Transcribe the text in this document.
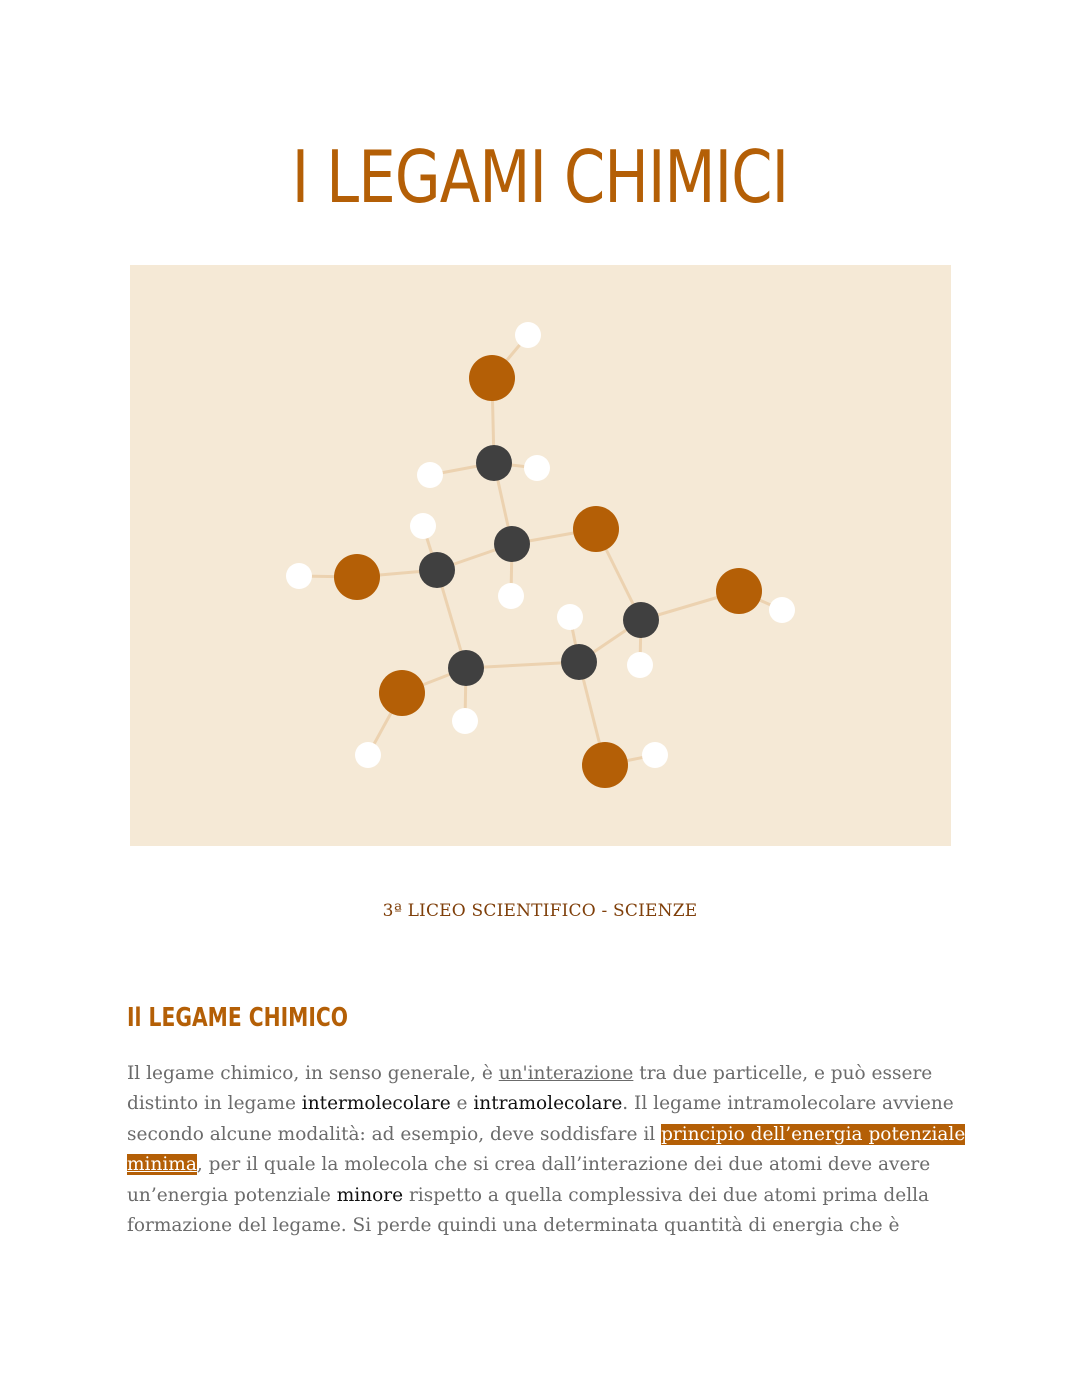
I LEGAMI CHIMICI
3ª LICEO SCIENTIFICO - SCIENZE
Il LEGAME CHIMICO

Il legame chimico, in senso generale, è un'interazione tra due particelle, e può essere
distinto in legame intermolecolare e intramolecolare. Il legame intramolecolare avviene
secondo alcune modalità: ad esempio, deve soddisfare il principio dell’energia potenziale
minima, per il quale la molecola che si crea dall’interazione dei due atomi deve avere
un’energia potenziale minore rispetto a quella complessiva dei due atomi prima della
formazione del legame. Si perde quindi una determinata quantità di energia che è
